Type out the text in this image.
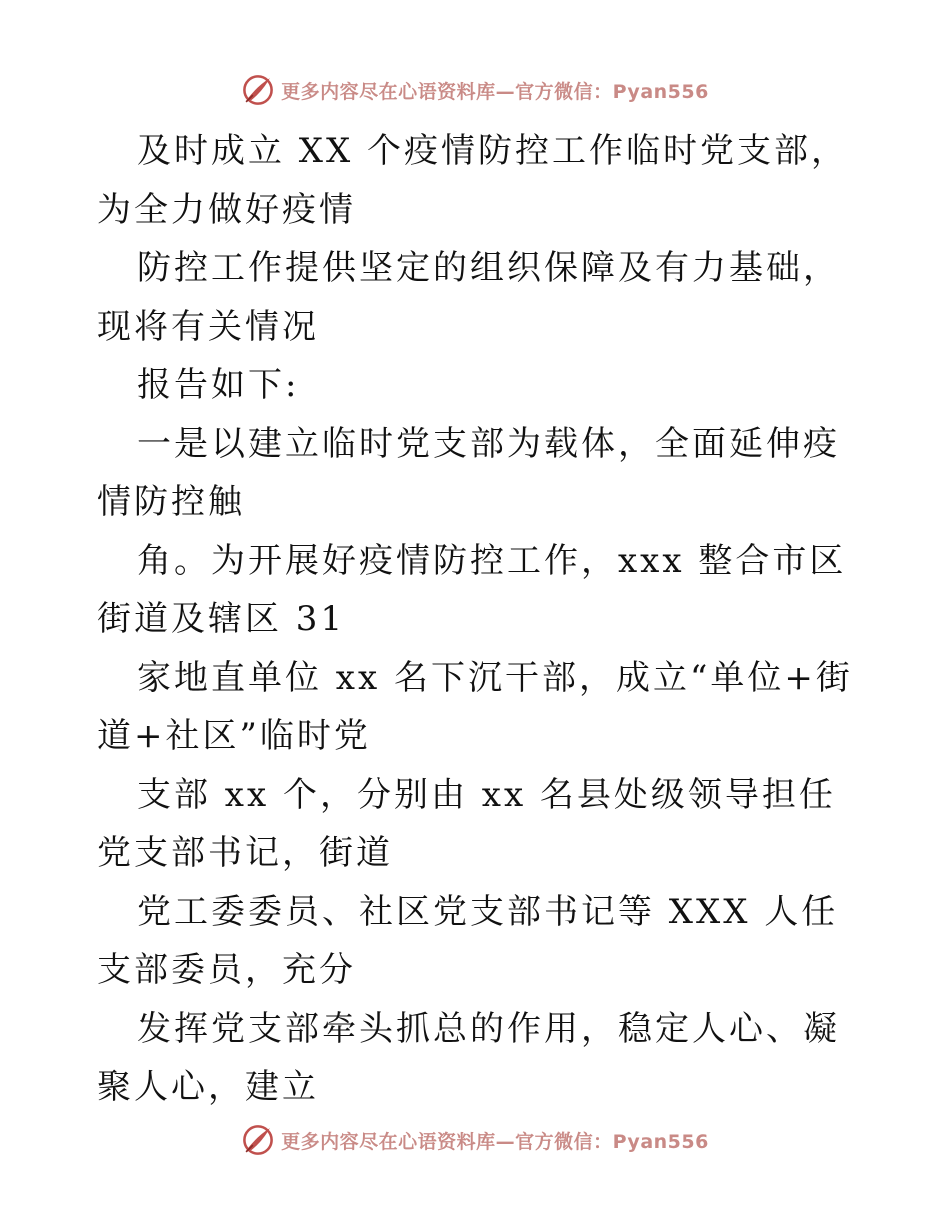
更多内容尽在心语资料库—官方微信：Pyan556

及时成立 XX 个疫情防控工作临时党支部，为全力做好疫情

防控工作提供坚定的组织保障及有力基础，现将有关情况

报告如下:

一是以建立临时党支部为载体，全面延伸疫情防控触

角。为开展好疫情防控工作，xxx 整合市区街道及辖区 31

家地直单位 xx 名下沉干部，成立“单位+街道+社区”临时党

支部 xx 个，分别由 xx 名县处级领导担任党支部书记，街道

党工委委员、社区党支部书记等 XXX 人任支部委员，充分

发挥党支部牵头抓总的作用，稳定人心、凝聚人心，建立

更多内容尽在心语资料库—官方微信：Pyan556
